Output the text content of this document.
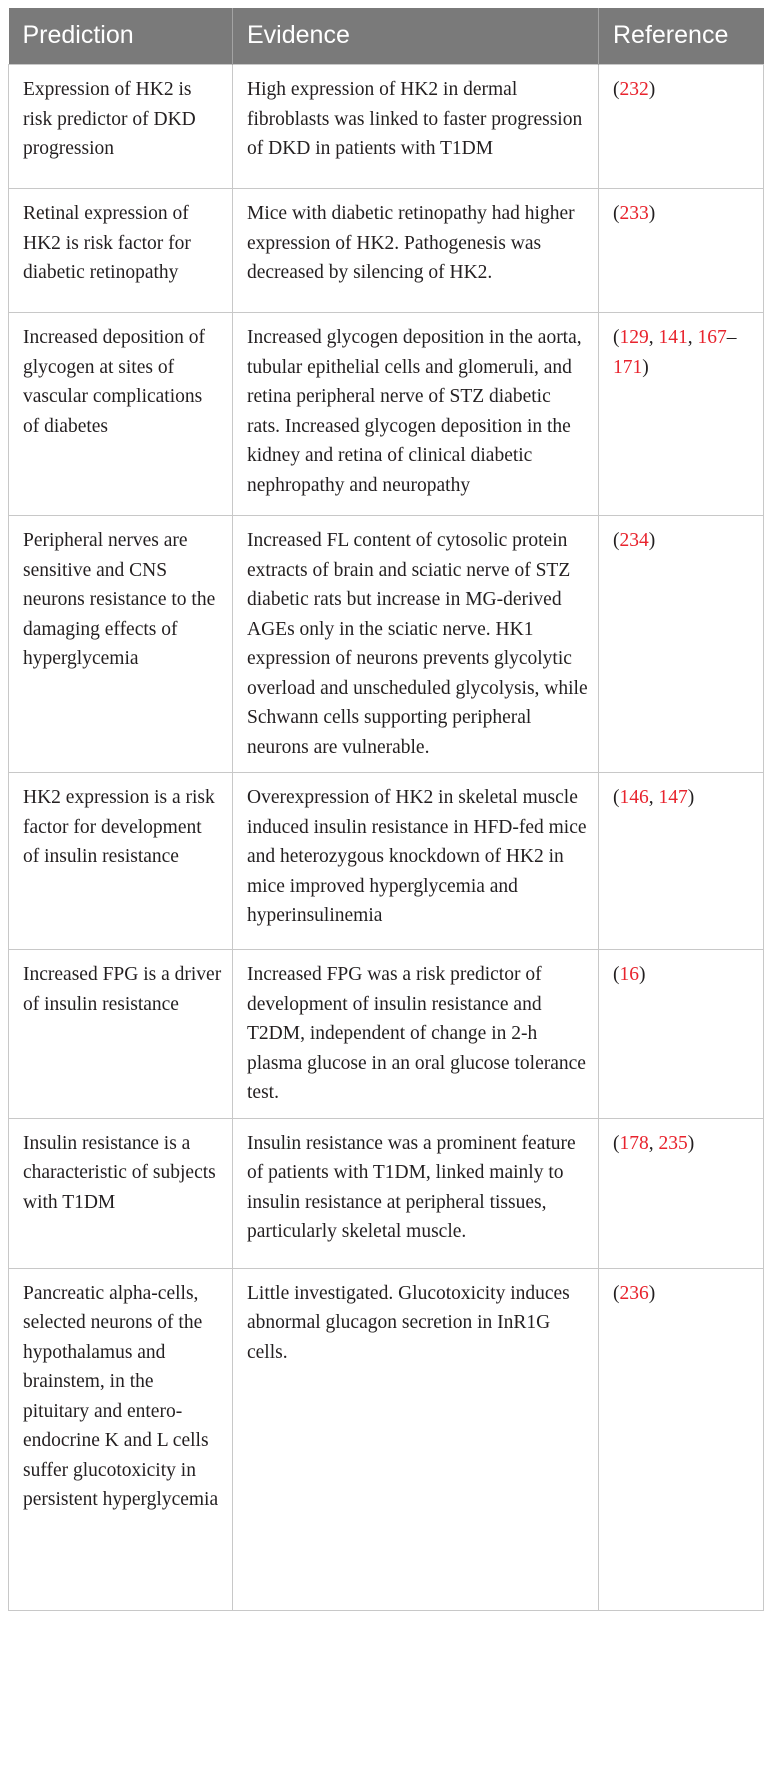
Prediction	Evidence	Reference
Expression of HK2 is risk predictor of DKD progression	High expression of HK2 in dermal fibroblasts was linked to faster progression of DKD in patients with T1DM	(232)
Retinal expression of HK2 is risk factor for diabetic retinopathy	Mice with diabetic retinopathy had higher expression of HK2. Pathogenesis was decreased by silencing of HK2.	(233)
Increased deposition of glycogen at sites of vascular complications of diabetes	Increased glycogen deposition in the aorta, tubular epithelial cells and glomeruli, and retina peripheral nerve of STZ diabetic rats. Increased glycogen deposition in the kidney and retina of clinical diabetic nephropathy and neuropathy	(129, 141, 167–171)
Peripheral nerves are sensitive and CNS neurons resistance to the damaging effects of hyperglycemia	Increased FL content of cytosolic protein extracts of brain and sciatic nerve of STZ diabetic rats but increase in MG-derived AGEs only in the sciatic nerve. HK1 expression of neurons prevents glycolytic overload and unscheduled glycolysis, while Schwann cells supporting peripheral neurons are vulnerable.	(234)
HK2 expression is a risk factor for development of insulin resistance	Overexpression of HK2 in skeletal muscle induced insulin resistance in HFD-fed mice and heterozygous knockdown of HK2 in mice improved hyperglycemia and hyperinsulinemia	(146, 147)
Increased FPG is a driver of insulin resistance	Increased FPG was a risk predictor of development of insulin resistance and T2DM, independent of change in 2-h plasma glucose in an oral glucose tolerance test.	(16)
Insulin resistance is a characteristic of subjects with T1DM	Insulin resistance was a prominent feature of patients with T1DM, linked mainly to insulin resistance at peripheral tissues, particularly skeletal muscle.	(178, 235)
Pancreatic alpha-cells, selected neurons of the hypothalamus and brainstem, in the pituitary and entero-endocrine K and L cells suffer glucotoxicity in persistent hyperglycemia	Little investigated. Glucotoxicity induces abnormal glucagon secretion in InR1G cells.	(236)
